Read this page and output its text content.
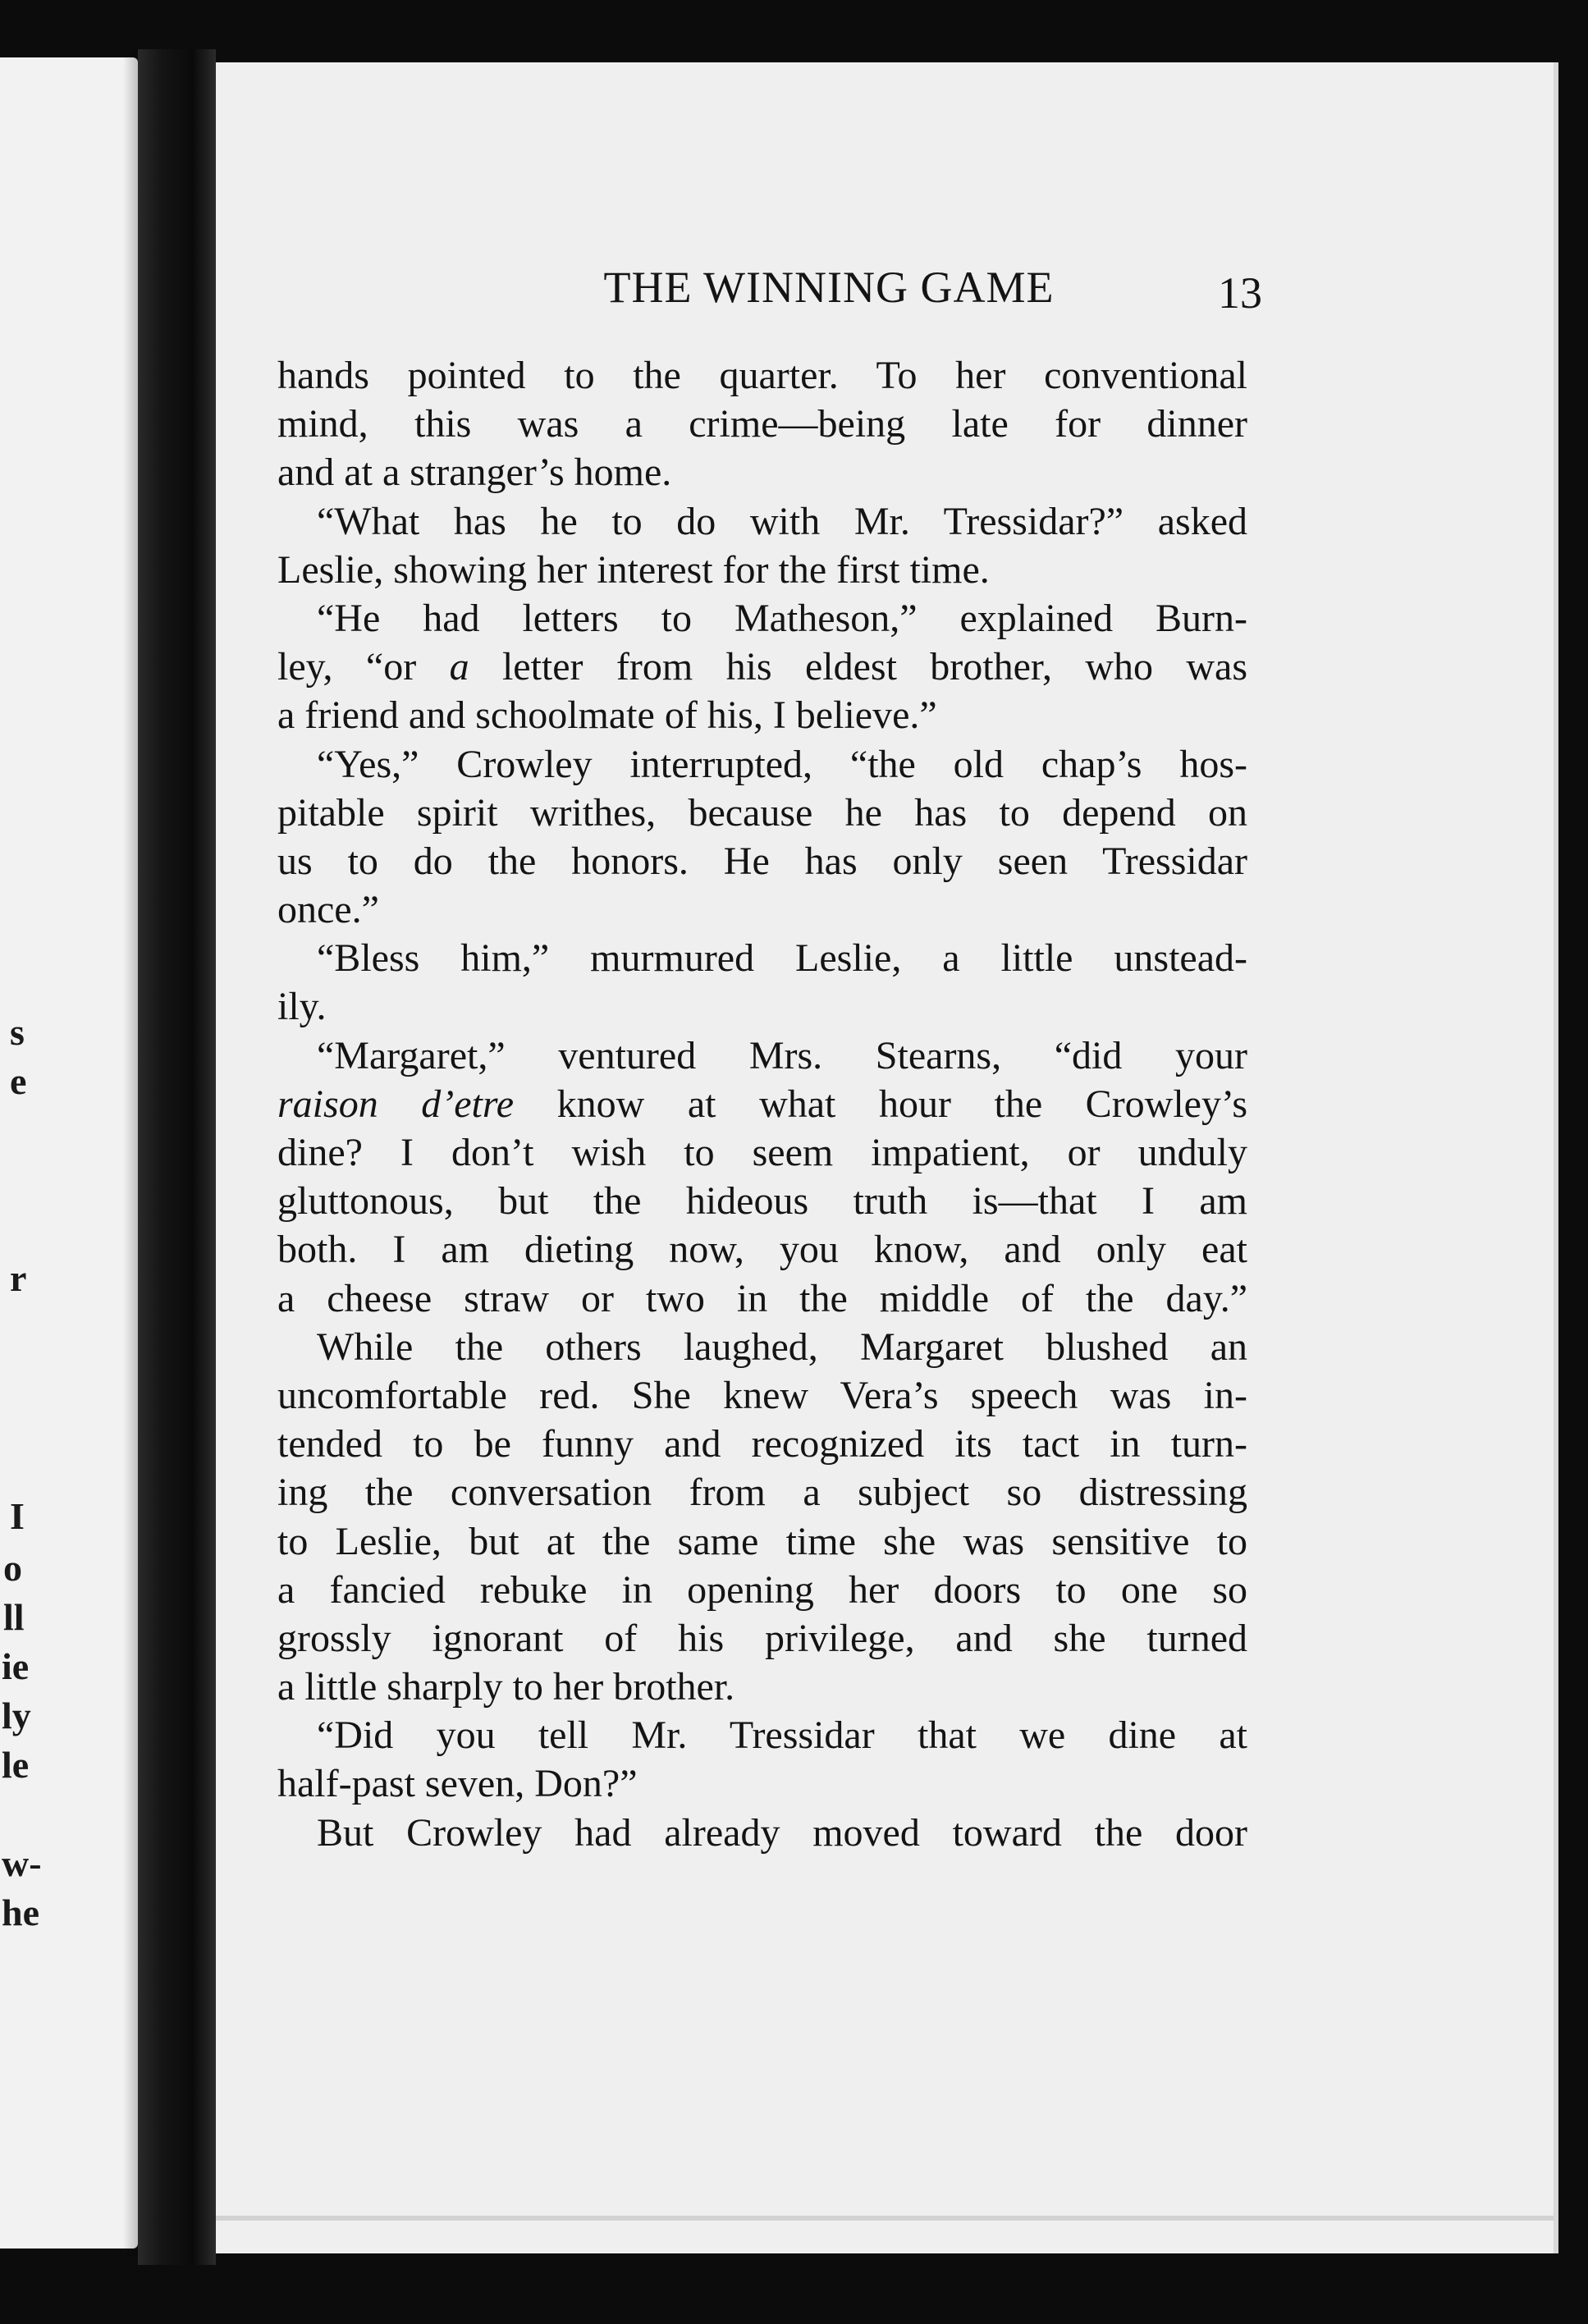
s
e
r
I
o
ll
ie
ly
le
w-
he
THE WINNING GAME	13
hands pointed to the quarter. To her conventional
mind, this was a crime—being late for dinner
and at a stranger’s home.
“What has he to do with Mr. Tressidar?” asked
Leslie, showing her interest for the first time.
“He had letters to Matheson,” explained Burn-
ley, “or a letter from his eldest brother, who was
a friend and schoolmate of his, I believe.”
“Yes,” Crowley interrupted, “the old chap’s hos-
pitable spirit writhes, because he has to depend on
us to do the honors. He has only seen Tressidar
once.”
“Bless him,” murmured Leslie, a little unstead-
ily.
“Margaret,” ventured Mrs. Stearns, “did your
raison d’etre know at what hour the Crowley’s
dine? I don’t wish to seem impatient, or unduly
gluttonous, but the hideous truth is—that I am
both. I am dieting now, you know, and only eat
a cheese straw or two in the middle of the day.”
While the others laughed, Margaret blushed an
uncomfortable red. She knew Vera’s speech was in-
tended to be funny and recognized its tact in turn-
ing the conversation from a subject so distressing
to Leslie, but at the same time she was sensitive to
a fancied rebuke in opening her doors to one so
grossly ignorant of his privilege, and she turned
a little sharply to her brother.
“Did you tell Mr. Tressidar that we dine at
half-past seven, Don?”
But Crowley had already moved toward the door
